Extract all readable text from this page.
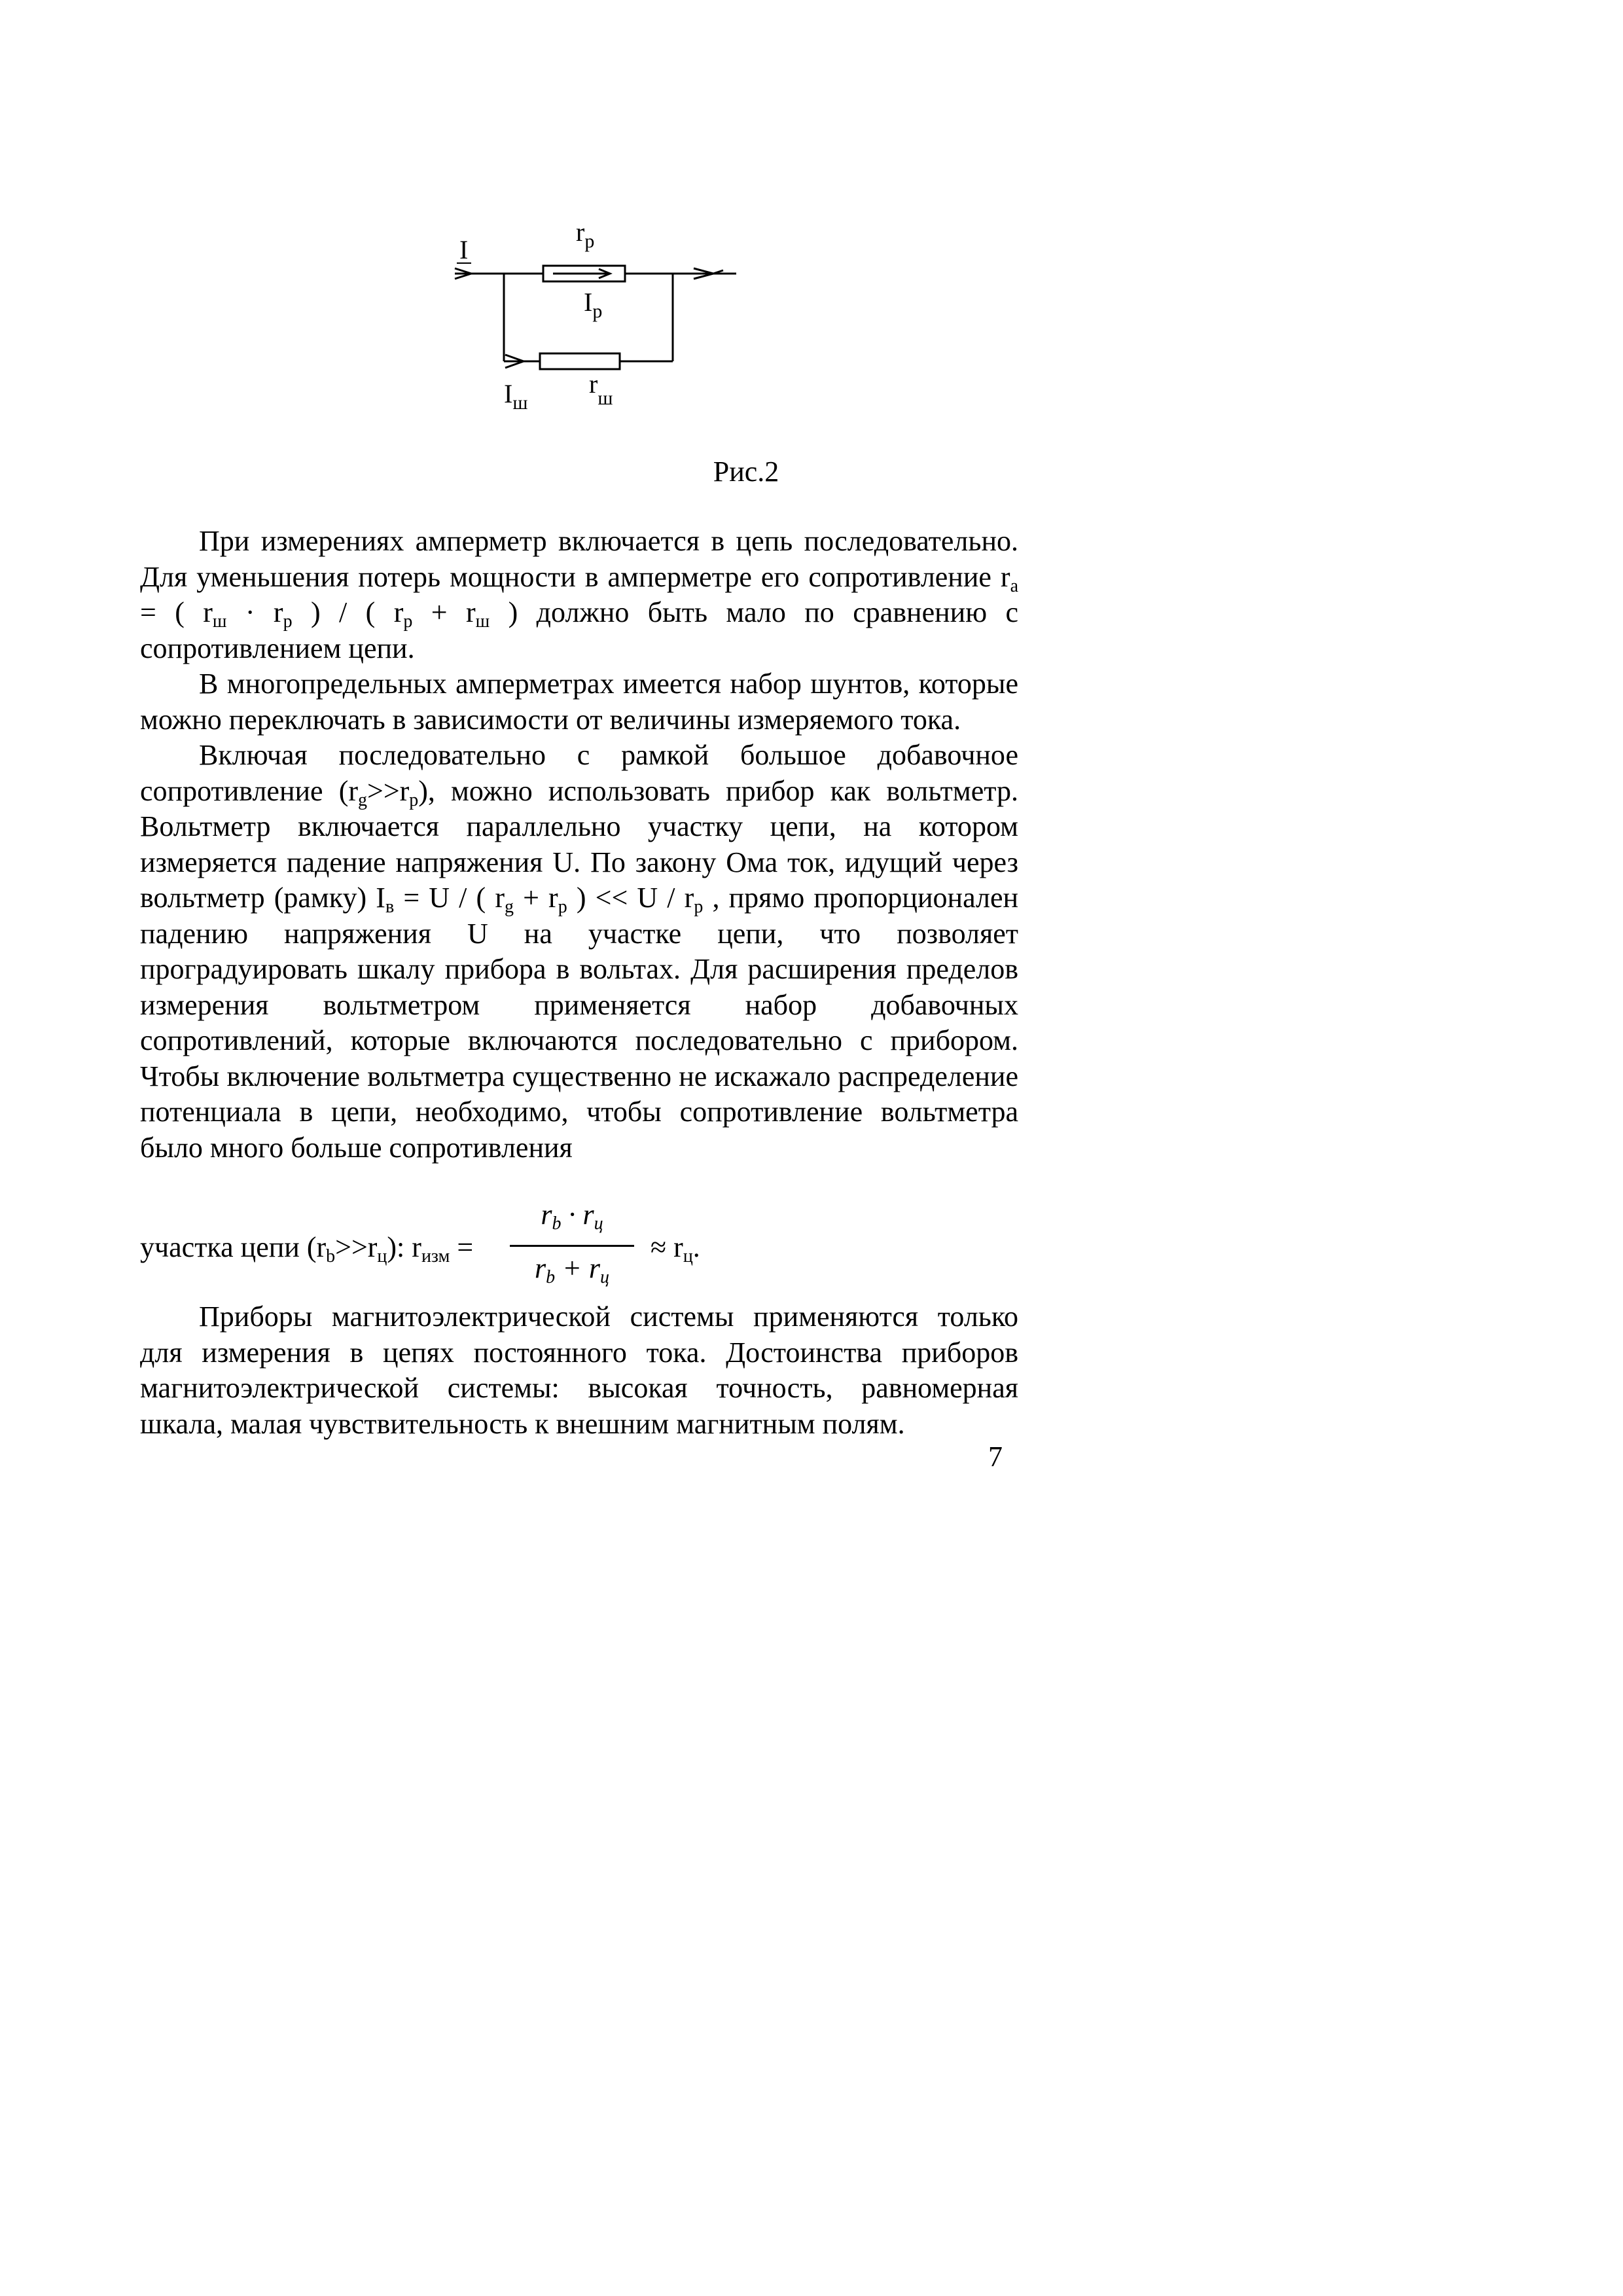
I
$r_p$
$I_p$
$I_ш$
$r_ш$
Рис.2

При измерениях амперметр включается в цепь последовательно. Для уменьшения потерь мощности в амперметре его сопротивление $r_a$ = ( $r_ш \cdot r_p$ ) / ( $r_p + r_ш$ ) должно быть мало по сравнению с сопротивлением цепи.

В многопредельных амперметрах имеется набор шунтов, которые можно переключать в зависимости от величины измеряемого тока.

Включая последовательно с рамкой большое добавочное сопротивление $(r_g>>r_p)$, можно использовать прибор как вольтметр. Вольтметр включается параллельно участку цепи, на котором измеряется падение напряжения U. По закону Ома ток, идущий через вольтметр (рамку) $I_в = U$ / ( $r_g + r_p$ ) << U / $r_p$ , прямо пропорционален падению напряжения U на участке цепи, что позволяет проградуировать шкалу прибора в вольтах. Для расширения пределов измерения вольтметром применяется набор добавочных сопротивлений, которые включаются последовательно с прибором. Чтобы включение вольтметра существенно не искажало распределение потенциала в цепи, необходимо, чтобы сопротивление вольтметра было много больше сопротивления

участка цепи $(r_b>>r_ц)$: $r_{изм}$ =
$r_b \cdot r_ц$
$r_b + r_ц$
≈ $r_ц$.

Приборы магнитоэлектрической системы применяются только для измерения в цепях постоянного тока. Достоинства приборов магнитоэлектрической системы: высокая точность, равномерная шкала, малая чувствительность к внешним магнитным полям.

7
